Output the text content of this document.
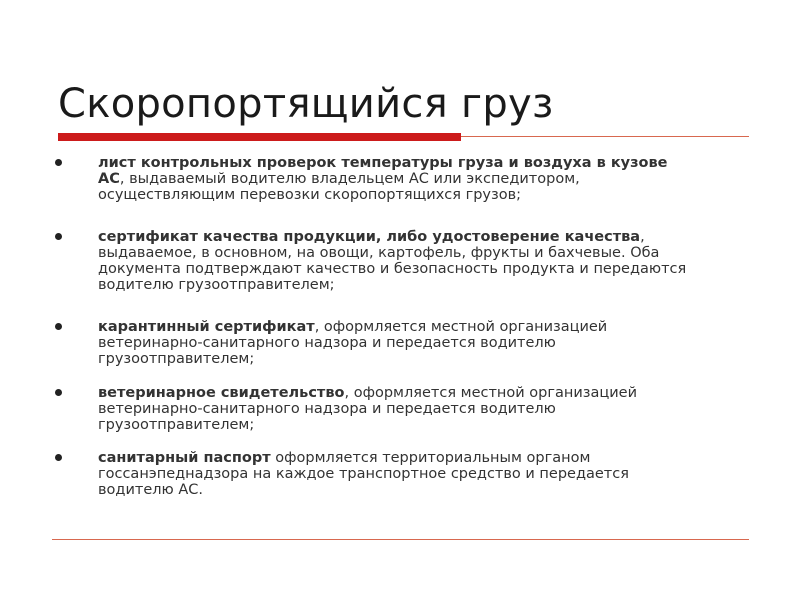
Скоропортящийся груз
лист контрольных проверок температуры груза и воздуха в кузове АС, выдаваемый водителю владельцем АС или экспедитором, осуществляющим перевозки скоропортящихся грузов;
сертификат качества продукции, либо удостоверение качества, выдаваемое, в основном, на овощи, картофель, фрукты и бахчевые. Оба документа подтверждают качество и безопасность продукта и передаются водителю грузоотправителем;
карантинный сертификат, оформляется местной организацией ветеринарно-санитарного надзора и передается водителю грузоотправителем;
ветеринарное свидетельство, оформляется местной организацией ветеринарно-санитарного надзора и передается водителю грузоотправителем;
санитарный паспорт оформляется территориальным органом госсанэпеднадзора на каждое транспортное средство и передается водителю АС.
